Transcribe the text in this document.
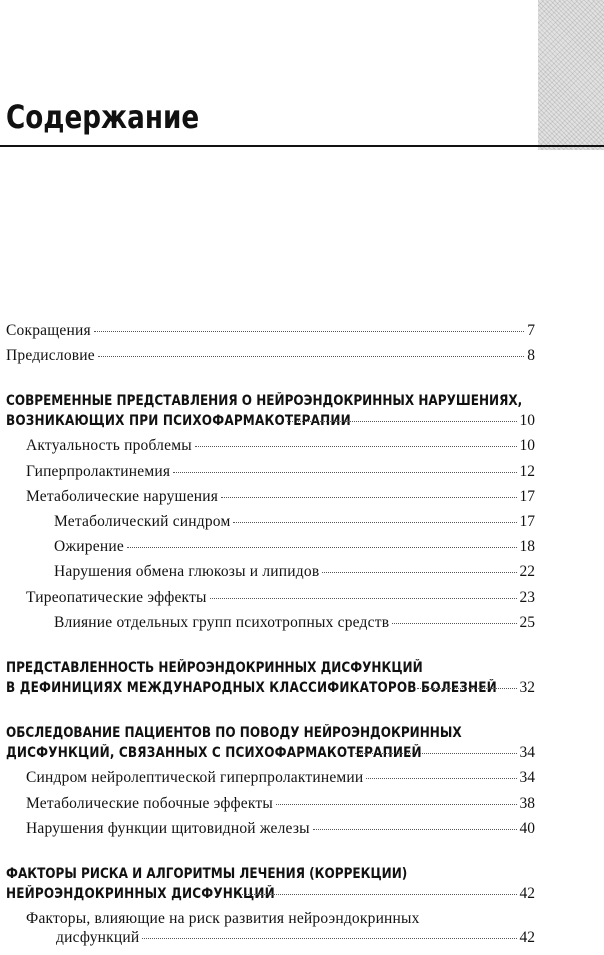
Содержание
Сокращения	7
Предисловие	8
СОВРЕМЕННЫЕ ПРЕДСТАВЛЕНИЯ О НЕЙРОЭНДОКРИННЫХ НАРУШЕНИЯХ,
ВОЗНИКАЮЩИХ ПРИ ПСИХОФАРМАКОТЕРАПИИ	10
Актуальность проблемы	10
Гиперпролактинемия	12
Метаболические нарушения	17
Метаболический синдром	17
Ожирение	18
Нарушения обмена глюкозы и липидов	22
Тиреопатические эффекты	23
Влияние отдельных групп психотропных средств	25
ПРЕДСТАВЛЕННОСТЬ НЕЙРОЭНДОКРИННЫХ ДИСФУНКЦИЙ
В ДЕФИНИЦИЯХ МЕЖДУНАРОДНЫХ КЛАССИФИКАТОРОВ БОЛЕЗНЕЙ 32
ОБСЛЕДОВАНИЕ ПАЦИЕНТОВ ПО ПОВОДУ НЕЙРОЭНДОКРИННЫХ
ДИСФУНКЦИЙ, СВЯЗАННЫХ С ПСИХОФАРМАКОТЕРАПИЕЙ	34
Синдром нейролептической гиперпролактинемии	34
Метаболические побочные эффекты	38
Нарушения функции щитовидной железы	40
ФАКТОРЫ РИСКА И АЛГОРИТМЫ ЛЕЧЕНИЯ (КОРРЕКЦИИ)
НЕЙРОЭНДОКРИННЫХ ДИСФУНКЦИЙ	42
Факторы, влияющие на риск развития нейроэндокринных
дисфункций	42
